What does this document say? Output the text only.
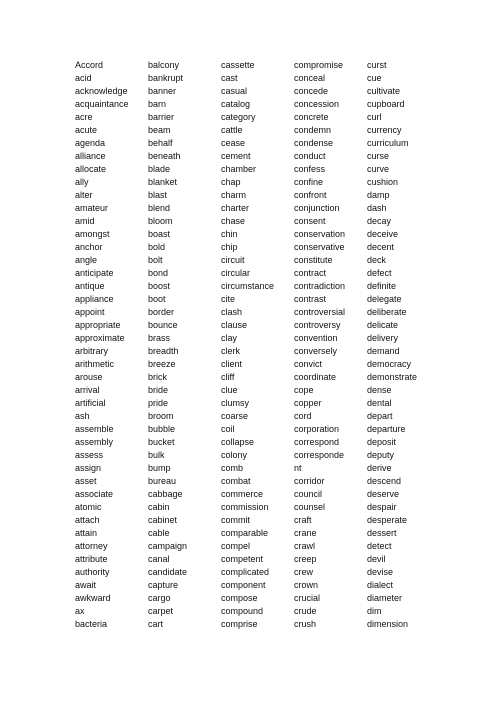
Accord
acid
acknowledge
acquaintance
acre
acute
agenda
alliance
allocate
ally
alter
amateur
amid
amongst
anchor
angle
anticipate
antique
appliance
appoint
appropriate
approximate
arbitrary
arithmetic
arouse
arrival
artificial
ash
assemble
assembly
assess
assign
asset
associate
atomic
attach
attain
attorney
attribute
authority
await
awkward
ax
bacteria
balcony
bankrupt
banner
barn
barrier
beam
behalf
beneath
blade
blanket
blast
blend
bloom
boast
bold
bolt
bond
boost
boot
border
bounce
brass
breadth
breeze
brick
bride
pride
broom
bubble
bucket
bulk
bump
bureau
cabbage
cabin
cabinet
cable
campaign
canal
candidate
capture
cargo
carpet
cart
cassette
cast
casual
catalog
category
cattle
cease
cement
chamber
chap
charm
charter
chase
chin
chip
circuit
circular
circumstance
cite
clash
clause
clay
clerk
client
cliff
clue
clumsy
coarse
coil
collapse
colony
comb
combat
commerce
commission
commit
comparable
compel
competent
complicated
component
compose
compound
comprise
compromise
conceal
concede
concession
concrete
condemn
condense
conduct
confess
confine
confront
conjunction
consent
conservation
conservative
constitute
contract
contradiction
contrast
controversial
controversy
convention
conversely
convict
coordinate
cope
copper
cord
corporation
correspond
corresponde
nt
corridor
council
counsel
craft
crane
crawl
creep
crew
crown
crucial
crude
crush
curst
cue
cultivate
cupboard
curl
currency
curriculum
curse
curve
cushion
damp
dash
decay
deceive
decent
deck
defect
definite
delegate
deliberate
delicate
delivery
demand
democracy
demonstrate
dense
dental
depart
departure
deposit
deputy
derive
descend
deserve
despair
desperate
dessert
detect
devil
devise
dialect
diameter
dim
dimension
